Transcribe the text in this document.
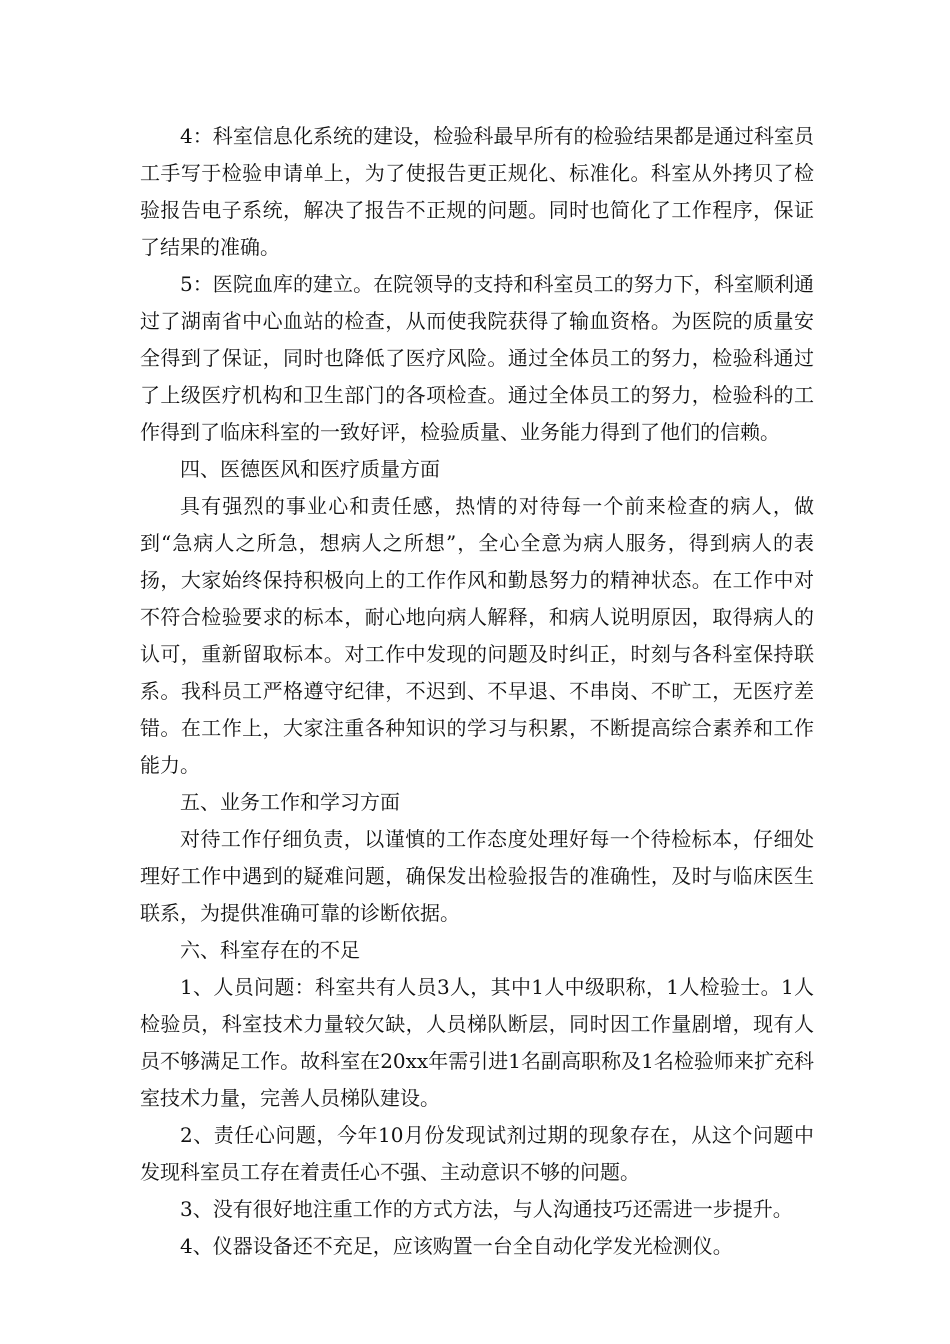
4：科室信息化系统的建设，检验科最早所有的检验结果都是通过科室员工手写于检验申请单上，为了使报告更正规化、标准化。科室从外拷贝了检验报告电子系统，解决了报告不正规的问题。同时也简化了工作程序，保证了结果的准确。

5：医院血库的建立。在院领导的支持和科室员工的努力下，科室顺利通过了湖南省中心血站的检查，从而使我院获得了输血资格。为医院的质量安全得到了保证，同时也降低了医疗风险。通过全体员工的努力，检验科通过了上级医疗机构和卫生部门的各项检查。通过全体员工的努力，检验科的工作得到了临床科室的一致好评，检验质量、业务能力得到了他们的信赖。

四、医德医风和医疗质量方面

具有强烈的事业心和责任感，热情的对待每一个前来检查的病人，做到“急病人之所急，想病人之所想”，全心全意为病人服务，得到病人的表扬，大家始终保持积极向上的工作作风和勤恳努力的精神状态。在工作中对不符合检验要求的标本，耐心地向病人解释，和病人说明原因，取得病人的认可，重新留取标本。对工作中发现的问题及时纠正，时刻与各科室保持联系。我科员工严格遵守纪律，不迟到、不早退、不串岗、不旷工，无医疗差错。在工作上，大家注重各种知识的学习与积累，不断提高综合素养和工作能力。

五、业务工作和学习方面

对待工作仔细负责，以谨慎的工作态度处理好每一个待检标本，仔细处理好工作中遇到的疑难问题，确保发出检验报告的准确性，及时与临床医生联系，为提供准确可靠的诊断依据。

六、科室存在的不足

1、人员问题：科室共有人员3人，其中1人中级职称，1人检验士。1人检验员，科室技术力量较欠缺，人员梯队断层，同时因工作量剧增，现有人员不够满足工作。故科室在20xx年需引进1名副高职称及1名检验师来扩充科室技术力量，完善人员梯队建设。

2、责任心问题，今年10月份发现试剂过期的现象存在，从这个问题中发现科室员工存在着责任心不强、主动意识不够的问题。

3、没有很好地注重工作的方式方法，与人沟通技巧还需进一步提升。

4、仪器设备还不充足，应该购置一台全自动化学发光检测仪。
